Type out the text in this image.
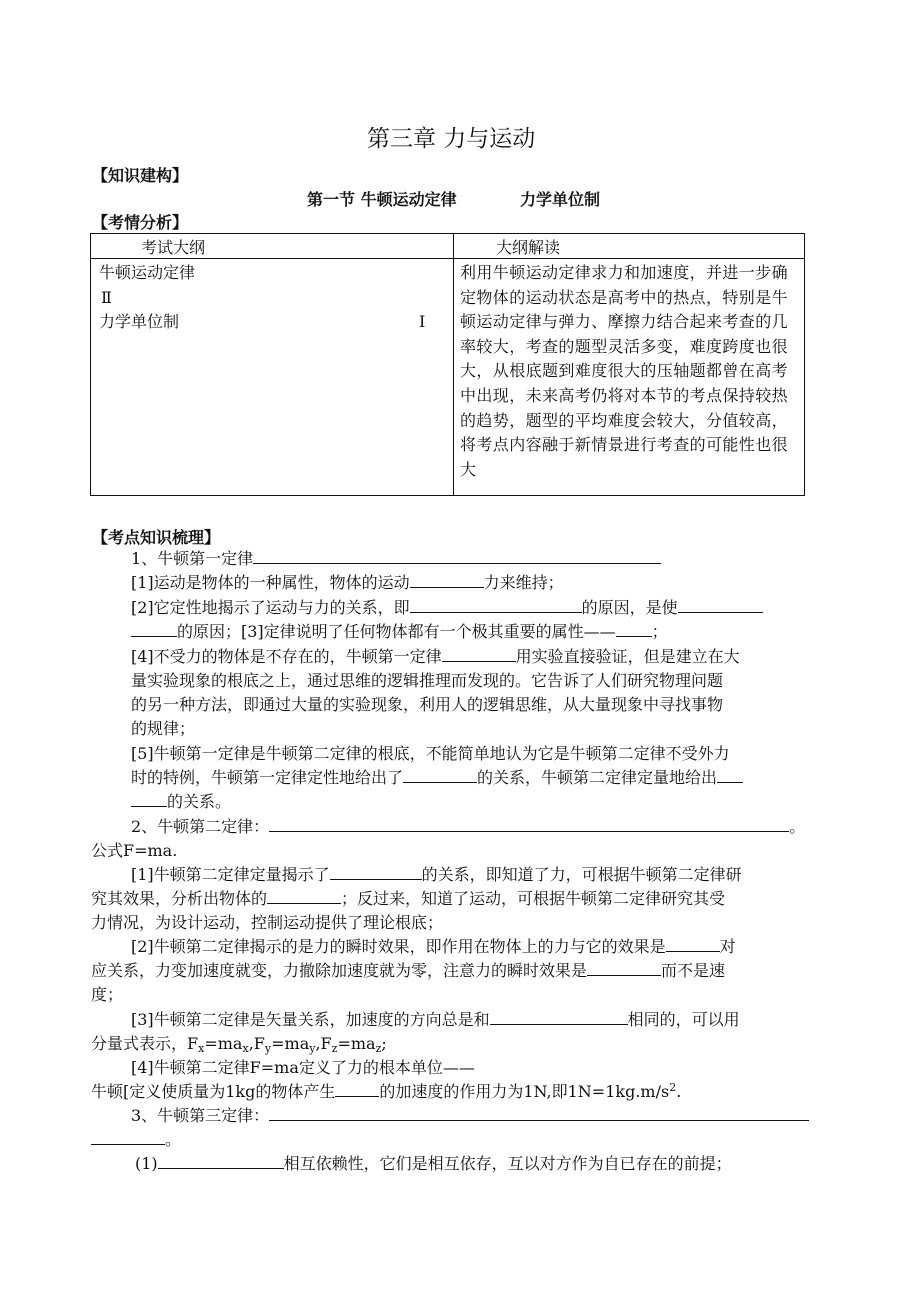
第三章 力与运动
【知识建构】
第一节 牛顿运动定律	力学单位制
【考情分析】
考试大纲	大纲解读

牛顿运动定律
Ⅱ
力学单位制 I	利用牛顿运动定律求力和加速度，并进一步确定物体的运动状态是高考中的热点，特别是牛顿运动定律与弹力、摩擦力结合起来考查的几率较大，考查的题型灵活多变，难度跨度也很大，从根底题到难度很大的压轴题都曾在高考中出现，未来高考仍将对本节的考点保持较热的趋势，题型的平均难度会较大，分值较高，将考点内容融于新情景进行考查的可能性也很大
【考点知识梳理】
1、牛顿第一定律
[1]运动是物体的一种属性，物体的运动	力来维持；
[2]它定性地揭示了运动与力的关系，即	的原因，是使
的原因；[3]定律说明了任何物体都有一个极其重要的属性—— ；
[4]不受力的物体是不存在的，牛顿第一定律	用实验直接验证，但是建立在大
量实验现象的根底之上，通过思维的逻辑推理而发现的。它告诉了人们研究物理问题
的另一种方法，即通过大量的实验现象，利用人的逻辑思维，从大量现象中寻找事物
的规律；
[5]牛顿第一定律是牛顿第二定律的根底，不能简单地认为它是牛顿第二定律不受外力
时的特例，牛顿第一定律定性地给出了	的关系，牛顿第二定律定量地给出
的关系。
2、牛顿第二定律：	。
公式F=ma.
[1]牛顿第二定律定量揭示了	的关系，即知道了力，可根据牛顿第二定律研
究其效果，分析出物体的	；反过来，知道了运动，可根据牛顿第二定律研究其受
力情况，为设计运动，控制运动提供了理论根底；
[2]牛顿第二定律揭示的是力的瞬时效果，即作用在物体上的力与它的效果是	对
应关系，力变加速度就变，力撤除加速度就为零，注意力的瞬时效果是	而不是速
度；
[3]牛顿第二定律是矢量关系，加速度的方向总是和	相同的，可以用
分量式表示，$F_x=ma_x,F_y=ma_y,F_z=ma_z$;
[4]牛顿第二定律F=ma定义了力的根本单位——
牛顿[定义使质量为1kg的物体产生	的加速度的作用力为1N,即$1N=1kg.m/s^2$.
3、牛顿第三定律：
。
(1)	相互依赖性，它们是相互依存，互以对方作为自已存在的前提；
